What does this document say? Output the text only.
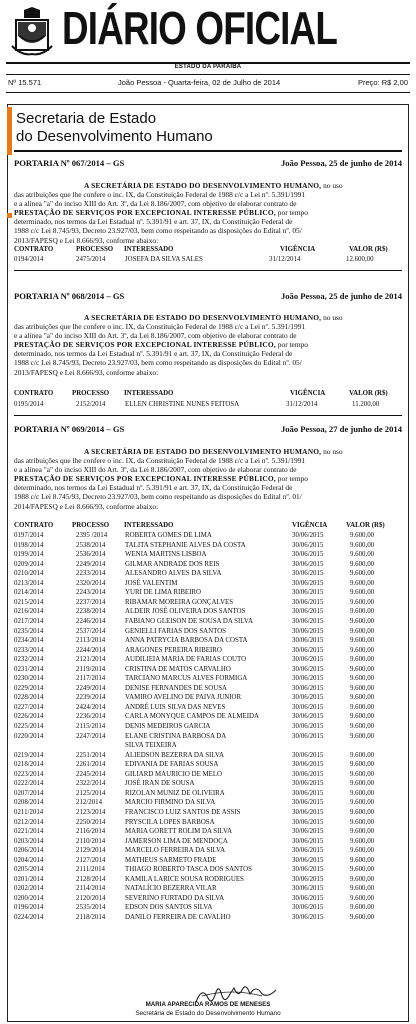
DIÁRIO OFICIAL
ESTADO DA PARAÍBA
Nº 15.571	João Pessoa - Quarta-feira, 02 de Julho de 2014	Preço: R$ 2,00
Secretaria de Estado
do Desenvolvimento Humano
PORTARIA Nº 067/2014 – GS	João Pessoa, 25 de junho de 2014
A SECRETÁRIA DE ESTADO DO DESENVOLVIMENTO HUMANO, no uso
das atribuições que lhe confere o inc. IX, da Constituição Federal de 1988 c/c a Lei nº. 5.391/1991
e a alínea "a" do inciso XIII do Art. 3º, da Lei 8.186/2007, com objetivo de elaborar contrato de
PRESTAÇÃO DE SERVIÇOS POR EXCEPCIONAL INTERESSE PÚBLICO, por tempo
determinado, nos termos da Lei Estadual nº. 5.391/91 e art. 37, IX, da Constituição Federal de
1988 c/c Lei 8.745/93, Decreto 23.927/03, bem como respeitando as disposições do Edital nº. 05/
2013/FAPESQ e Lei 8.666/93, conforme abaixo:
CONTRATO	PROCESSO INTERESSADO	VIGÊNCIA	VALOR (R$)
0194/2014	2475/2014	JOSEFA DA SILVA SALES	31/12/2014	12.600,00
PORTARIA Nº 068/2014 – GS	João Pessoa, 25 de junho de 2014
A SECRETÁRIA DE ESTADO DO DESENVOLVIMENTO HUMANO, no uso
das atribuições que lhe confere o inc. IX, da Constituição Federal de 1988 c/c a Lei nº. 5.391/1991
e a alínea "a" do inciso XIII do Art. 3º, da Lei 8.186/2007, com objetivo de elaborar contrato de
PRESTAÇÃO DE SERVIÇOS POR EXCEPCIONAL INTERESSE PÚBLICO, por tempo
determinado, nos termos da Lei Estadual nº. 5.391/91 e art. 37, IX, da Constituição Federal de
1988 c/c Lei 8.745/93, Decreto 23.927/03, bem como respeitando as disposições do Edital nº. 05/
2013/FAPESQ e Lei 8.666/93, conforme abaixo:
CONTRATO	PROCESSO INTERESSADO	VIGÊNCIA	VALOR (R$)
0195/2014	2152/2014	ELLEN CHRISTINE NUNES FEITOSA	31/12/2014	11.200,00
PORTARIA Nº 069/2014 – GS	João Pessoa, 27 de junho de 2014
A SECRETÁRIA DE ESTADO DO DESENVOLVIMENTO HUMANO, no uso
das atribuições que lhe confere o inc. IX, da Constituição Federal de 1988 c/c a Lei nº. 5.391/1991
e a alínea "a" do inciso XIII do Art. 3º, da Lei 8.186/2007, com objetivo de elaborar contrato de
PRESTAÇÃO DE SERVIÇOS POR EXCEPCIONAL INTERESSE PÚBLICO, por tempo
determinado, nos termos da Lei Estadual nº. 5.391/91 e art. 37, IX, da Constituição Federal de
1988 c/c Lei 8.745/93, Decreto 23.927/03, bem como respeitando as disposições do Edital nº. 01/
2014/FAPESQ e Lei 8.666/93, conforme abaixo:
CONTRATO	PROCESSO INTERESSADO	VIGÊNCIA	VALOR (R$)
0197/2014	2395 /2014	ROBERTA GOMES DE LIMA	30/06/2015	9.600,00
0198/2014	2538/2014	TALITA STEPHANIE ALVES DA COSTA	30/06/2015	9.600,00
0199/2014	2536/2014	WENIA MARTINS LISBOA	30/06/2015	9.600,00
0209/2014	2249/2014	GILMAR ANDRADE DOS REIS	30/06/2015	9.600,00
0210/2014	2233/2014	ALESANDRO ALVES DA SILVA	30/06/2015	9.600,00
0213/2014	2320/2014	JOSÉ VALENTIM	30/06/2015	9.600,00
0214/2014	2243/2014	YURI DE LIMA RIBEIRO	30/06/2015	9.600,00
0215/2014	2237/2014	RIBAMAR MOREIRA GONÇALVES	30/06/2015	9.600,00
0216/2014	2238/2014	ALDEIR JOSÉ OLIVEIRA DOS SANTOS	30/06/2015	9.600,00
0217/2014	2246/2014	FABIANO GLEISON DE SOUSA DA SILVA	30/06/2015	9.600,00
0235/2014	2537/2014	GENIELLI FARIAS DOS SANTOS	30/06/2015	9.600,00
0234/2014	2113/2014	ANNA PATRYCIA BARBOSA DA COSTA	30/06/2015	9.600,00
0233/2014	2244/2014	ARAGONES PEREIRA RIBEIRO	30/06/2015	9.600,00
0232/2014	2121/2014	AUDILIEIA MARIA DE FARIAS COUTO	30/06/2015	9.600,00
0231/2014	2119/2014	CRISTINA DE MATOS CARVALHO	30/06/2015	9.600,00
0230/2014	2117/2014	TARCIANO MARCUS ALVES FORMIGA	30/06/2015	9.600,00
0229/2014	2249/2014	DENISE FERNANDES DE SOUSA	30/06/2015	9.600,00
0228/2014	2239/2014	VAMIRO AVELINO DE PAIVA JUNIOR	30/06/2015	9.600,00
0227/2014	2424/2014	ANDRÉ LUIS SILVA DAS NEVES	30/06/2015	9.600,00
0226/2014	2236/2014	CARLA MONYQUE CAMPOS DE ALMEIDA	30/06/2015	9.600,00
0225/2014	2115/2014	DENIS MEDEIROS GARCIA	30/06/2015	9.600,00
0220/2014	2247/2014	ELANE CRISTINA BARBOSA DA	30/06/2015	9.600,00
SILVA TEIXEIRA
0219/2014	2251/2014	ALIEDSON BEZERRA DA SILVA	30/06/2015	9.600,00
0218/2014	2261/2014	EDIVANIA DE FARIAS SOUSA	30/06/2015	9.600,00
0223/2014	2245/2014	GILIARD MAURICIO DE MELO	30/06/2015	9.600,00
0222/2014	2322/2014	JOSÉ IRAN DE SOUSA	30/06/2015	9.600,00
0207/2014	2125/2014	RIZOLAN MUNIZ DE OLIVEIRA	30/06/2015	9.600,00
0208/2014	212/2014	MARCIO FIRMINO DA SILVA	30/06/2015	9.600,00
0211/2014	2123/2014	FRANCISCO LUIZ SANTOS DE ASSIS	30/06/2015	9.600,00
0212/2014	2250/2014	PRYSCILA LOPES BARBOSA	30/06/2015	9.600,00
0221/2014	2116/2014	MARIA GORETT ROLIM DA SILVA	30/06/2015	9.600,00
0203/2014	2110/2014	JAMERSON LIMA DE MENDOÇA	30/06/2015	9.600,00
0206/2014	2129/2014	MARCELO FERREIRA DA SILVA	30/06/2015	9.600,00
0204/2014	2127/2014	MATHEUS SARMETO FRADE	30/06/2015	9.600,00
0205/2014	2111/2014	THIAGO ROBERTO TASCA DOS SANTOS	30/06/2015	9.600,00
0201/2014	2128/2014	KAMILA LARICE SOUSA RODRIGUES	30/06/2015	9.600,00
0202/2014	2114/2014	NATALÍCIO BEZERRA VILAR	30/06/2015	9.600,00
0200/2014	2120/2014	SEVERINO FURTADO DA SILVA	30/06/2015	9.600,00
0196/2014	2535/2014	EDSON DOS SANTOS SILVA	30/06/2015	9.600,00
0224/2014	2118/2014	DANILO FERREIRA DE CAVALHO	30/06/2015	9.600,00
MARIA APARECIDA RAMOS DE MENESES
Secretária de Estado do Desenvolvimento Humano
